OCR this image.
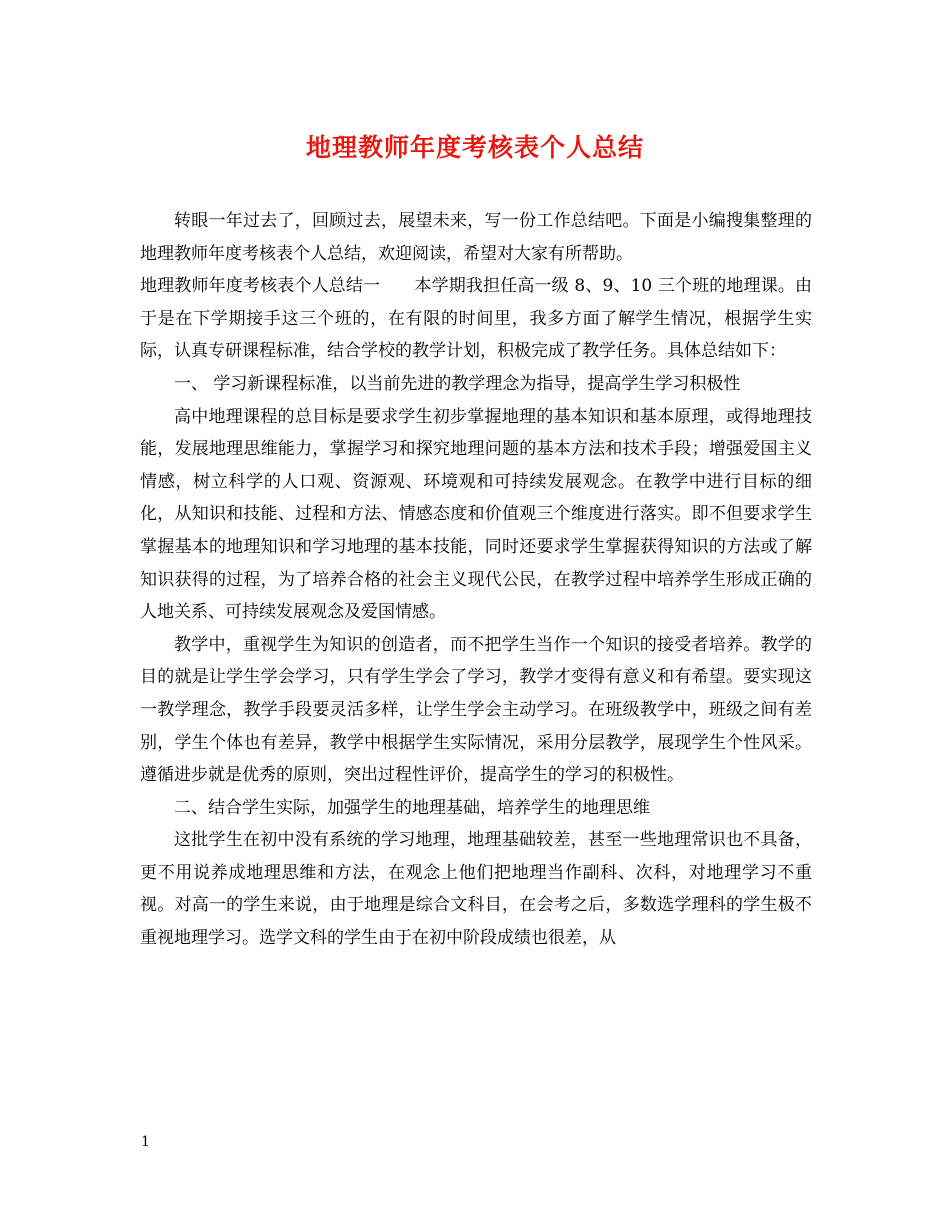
地理教师年度考核表个人总结

转眼一年过去了，回顾过去，展望未来，写一份工作总结吧。下面是小编搜集整理的地理教师年度考核表个人总结，欢迎阅读，希望对大家有所帮助。

地理教师年度考核表个人总结一　　本学期我担任高一级 8、9、10 三个班的地理课。由于是在下学期接手这三个班的，在有限的时间里，我多方面了解学生情况，根据学生实际，认真专研课程标准，结合学校的教学计划，积极完成了教学任务。具体总结如下：

一、 学习新课程标准，以当前先进的教学理念为指导，提高学生学习积极性

高中地理课程的总目标是要求学生初步掌握地理的基本知识和基本原理，或得地理技能，发展地理思维能力，掌握学习和探究地理问题的基本方法和技术手段；增强爱国主义情感，树立科学的人口观、资源观、环境观和可持续发展观念。在教学中进行目标的细化，从知识和技能、过程和方法、情感态度和价值观三个维度进行落实。即不但要求学生掌握基本的地理知识和学习地理的基本技能，同时还要求学生掌握获得知识的方法或了解知识获得的过程，为了培养合格的社会主义现代公民，在教学过程中培养学生形成正确的人地关系、可持续发展观念及爱国情感。

教学中，重视学生为知识的创造者，而不把学生当作一个知识的接受者培养。教学的目的就是让学生学会学习，只有学生学会了学习，教学才变得有意义和有希望。要实现这一教学理念，教学手段要灵活多样，让学生学会主动学习。在班级教学中，班级之间有差别，学生个体也有差异，教学中根据学生实际情况，采用分层教学，展现学生个性风采。遵循进步就是优秀的原则，突出过程性评价，提高学生的学习的积极性。

二、结合学生实际，加强学生的地理基础，培养学生的地理思维

这批学生在初中没有系统的学习地理，地理基础较差，甚至一些地理常识也不具备，更不用说养成地理思维和方法，在观念上他们把地理当作副科、次科，对地理学习不重视。对高一的学生来说，由于地理是综合文科目，在会考之后，多数选学理科的学生极不重视地理学习。选学文科的学生由于在初中阶段成绩也很差，从

1
